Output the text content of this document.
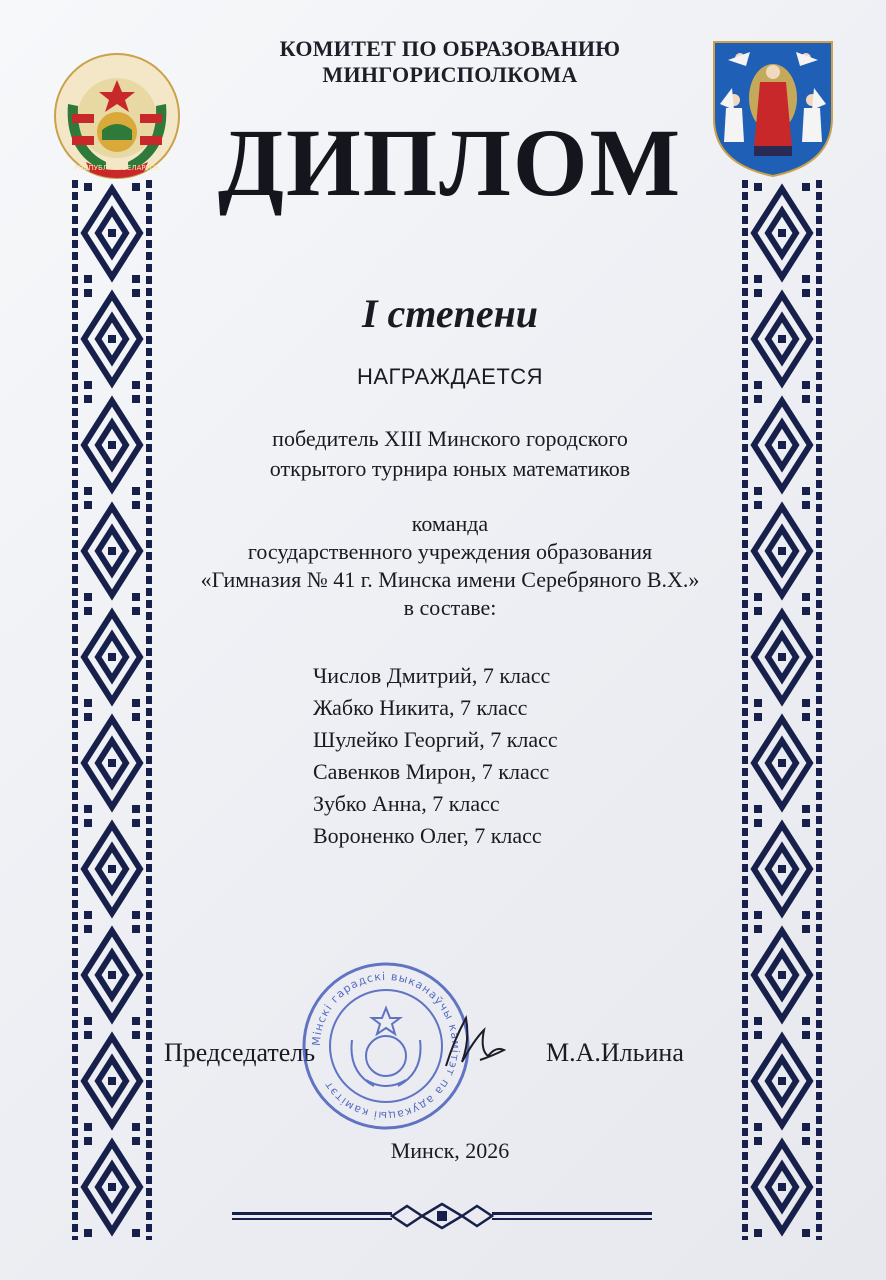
РЭСПУБЛІКА БЕЛАРУСЬ
КОМИТЕТ ПО ОБРАЗОВАНИЮ
МИНГОРИСПОЛКОМА
ДИПЛОМ
I степени
НАГРАЖДАЕТСЯ
победитель XIII Минского городского
открытого турнира юных математиков
команда
государственного учреждения образования
«Гимназия № 41 г. Минска имени Серебряного В.Х.»
в составе:
Числов Дмитрий, 7 класс
Жабко Никита, 7 класс
Шулейко Георгий, 7 класс
Савенков Мирон, 7 класс
Зубко Анна, 7 класс
Вороненко Олег, 7 класс
Председатель	М.А.Ильина
Мінскі гарадскі выканаўчы камітэт па адукацыі камітэт
Минск, 2026
